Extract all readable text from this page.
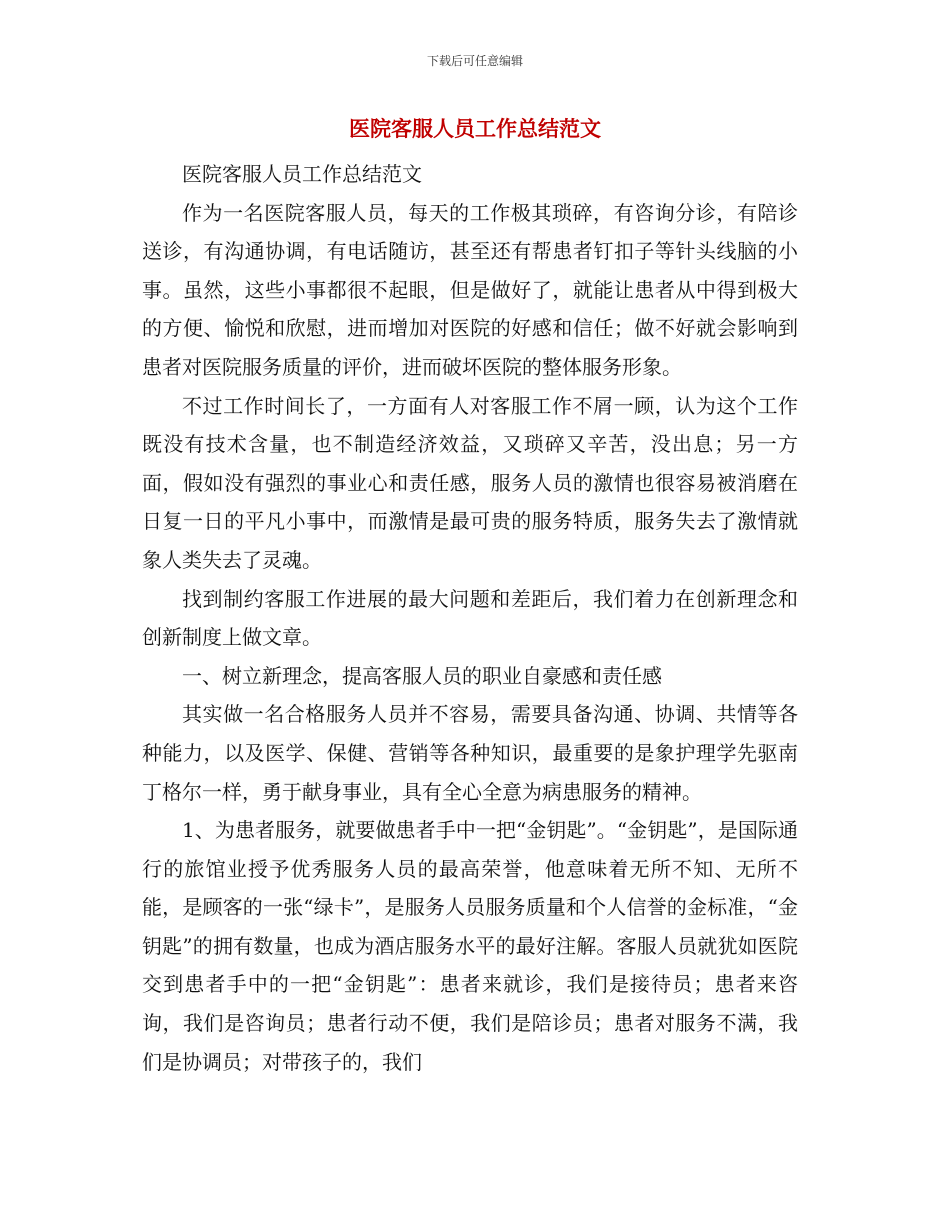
下载后可任意编辑
医院客服人员工作总结范文

医院客服人员工作总结范文

作为一名医院客服人员，每天的工作极其琐碎，有咨询分诊，有陪诊送诊，有沟通协调，有电话随访，甚至还有帮患者钉扣子等针头线脑的小事。虽然，这些小事都很不起眼，但是做好了，就能让患者从中得到极大的方便、愉悦和欣慰，进而增加对医院的好感和信任；做不好就会影响到患者对医院服务质量的评价，进而破坏医院的整体服务形象。

不过工作时间长了，一方面有人对客服工作不屑一顾，认为这个工作既没有技术含量，也不制造经济效益，又琐碎又辛苦，没出息；另一方面，假如没有强烈的事业心和责任感，服务人员的激情也很容易被消磨在日复一日的平凡小事中，而激情是最可贵的服务特质，服务失去了激情就象人类失去了灵魂。

找到制约客服工作进展的最大问题和差距后，我们着力在创新理念和创新制度上做文章。

一、树立新理念，提高客服人员的职业自豪感和责任感

其实做一名合格服务人员并不容易，需要具备沟通、协调、共情等各种能力，以及医学、保健、营销等各种知识，最重要的是象护理学先驱南丁格尔一样，勇于献身事业，具有全心全意为病患服务的精神。

1、为患者服务，就要做患者手中一把“金钥匙”。“金钥匙”，是国际通行的旅馆业授予优秀服务人员的最高荣誉，他意味着无所不知、无所不能，是顾客的一张“绿卡”，是服务人员服务质量和个人信誉的金标准，“金钥匙”的拥有数量，也成为酒店服务水平的最好注解。客服人员就犹如医院交到患者手中的一把“金钥匙”：患者来就诊，我们是接待员；患者来咨询，我们是咨询员；患者行动不便，我们是陪诊员；患者对服务不满，我们是协调员；对带孩子的，我们
